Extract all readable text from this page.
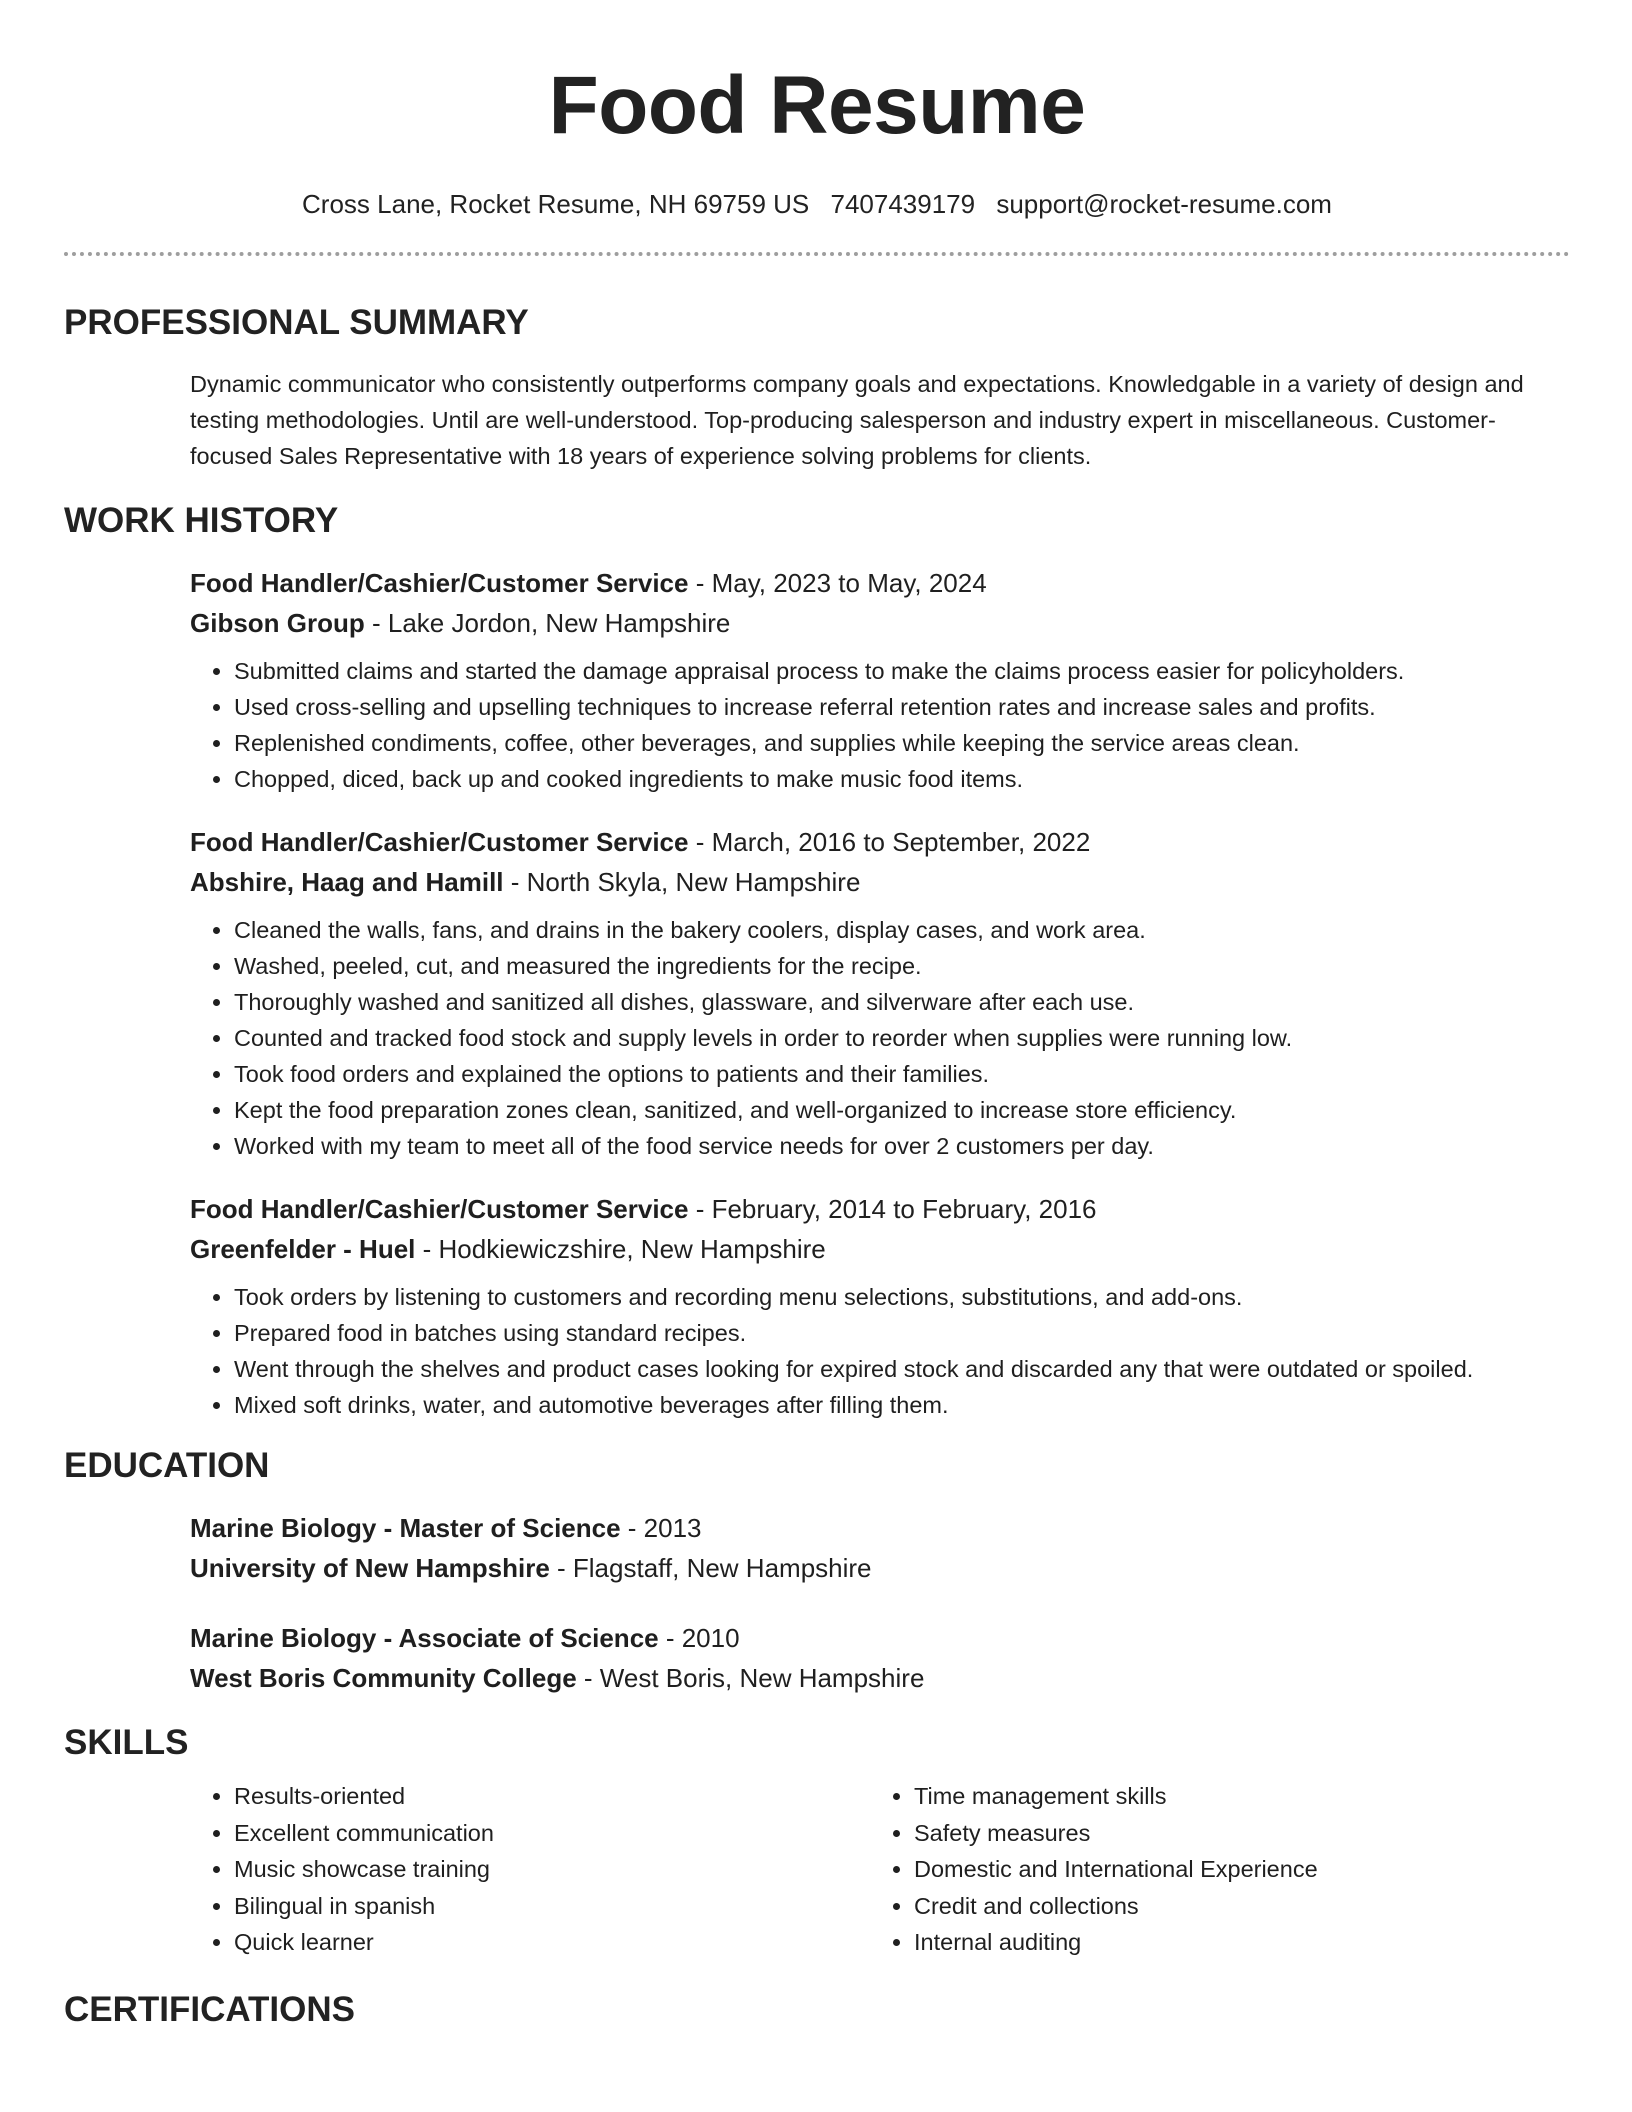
Food Resume
Cross Lane, Rocket Resume, NH 69759 US 7407439179 support@rocket-resume.com
PROFESSIONAL SUMMARY
Dynamic communicator who consistently outperforms company goals and expectations. Knowledgable in a variety of design and testing methodologies. Until are well-understood. Top-producing salesperson and industry expert in miscellaneous. Customer-focused Sales Representative with 18 years of experience solving problems for clients.
WORK HISTORY
Food Handler/Cashier/Customer Service - May, 2023 to May, 2024
Gibson Group - Lake Jordon, New Hampshire
• Submitted claims and started the damage appraisal process to make the claims process easier for policyholders.
• Used cross-selling and upselling techniques to increase referral retention rates and increase sales and profits.
• Replenished condiments, coffee, other beverages, and supplies while keeping the service areas clean.
• Chopped, diced, back up and cooked ingredients to make music food items.
Food Handler/Cashier/Customer Service - March, 2016 to September, 2022
Abshire, Haag and Hamill - North Skyla, New Hampshire
• Cleaned the walls, fans, and drains in the bakery coolers, display cases, and work area.
• Washed, peeled, cut, and measured the ingredients for the recipe.
• Thoroughly washed and sanitized all dishes, glassware, and silverware after each use.
• Counted and tracked food stock and supply levels in order to reorder when supplies were running low.
• Took food orders and explained the options to patients and their families.
• Kept the food preparation zones clean, sanitized, and well-organized to increase store efficiency.
• Worked with my team to meet all of the food service needs for over 2 customers per day.
Food Handler/Cashier/Customer Service - February, 2014 to February, 2016
Greenfelder - Huel - Hodkiewiczshire, New Hampshire
• Took orders by listening to customers and recording menu selections, substitutions, and add-ons.
• Prepared food in batches using standard recipes.
• Went through the shelves and product cases looking for expired stock and discarded any that were outdated or spoiled.
• Mixed soft drinks, water, and automotive beverages after filling them.
EDUCATION
Marine Biology - Master of Science - 2013
University of New Hampshire - Flagstaff, New Hampshire
Marine Biology - Associate of Science - 2010
West Boris Community College - West Boris, New Hampshire
SKILLS
• Results-oriented
• Excellent communication
• Music showcase training
• Bilingual in spanish
• Quick learner
• Time management skills
• Safety measures
• Domestic and International Experience
• Credit and collections
• Internal auditing
CERTIFICATIONS
